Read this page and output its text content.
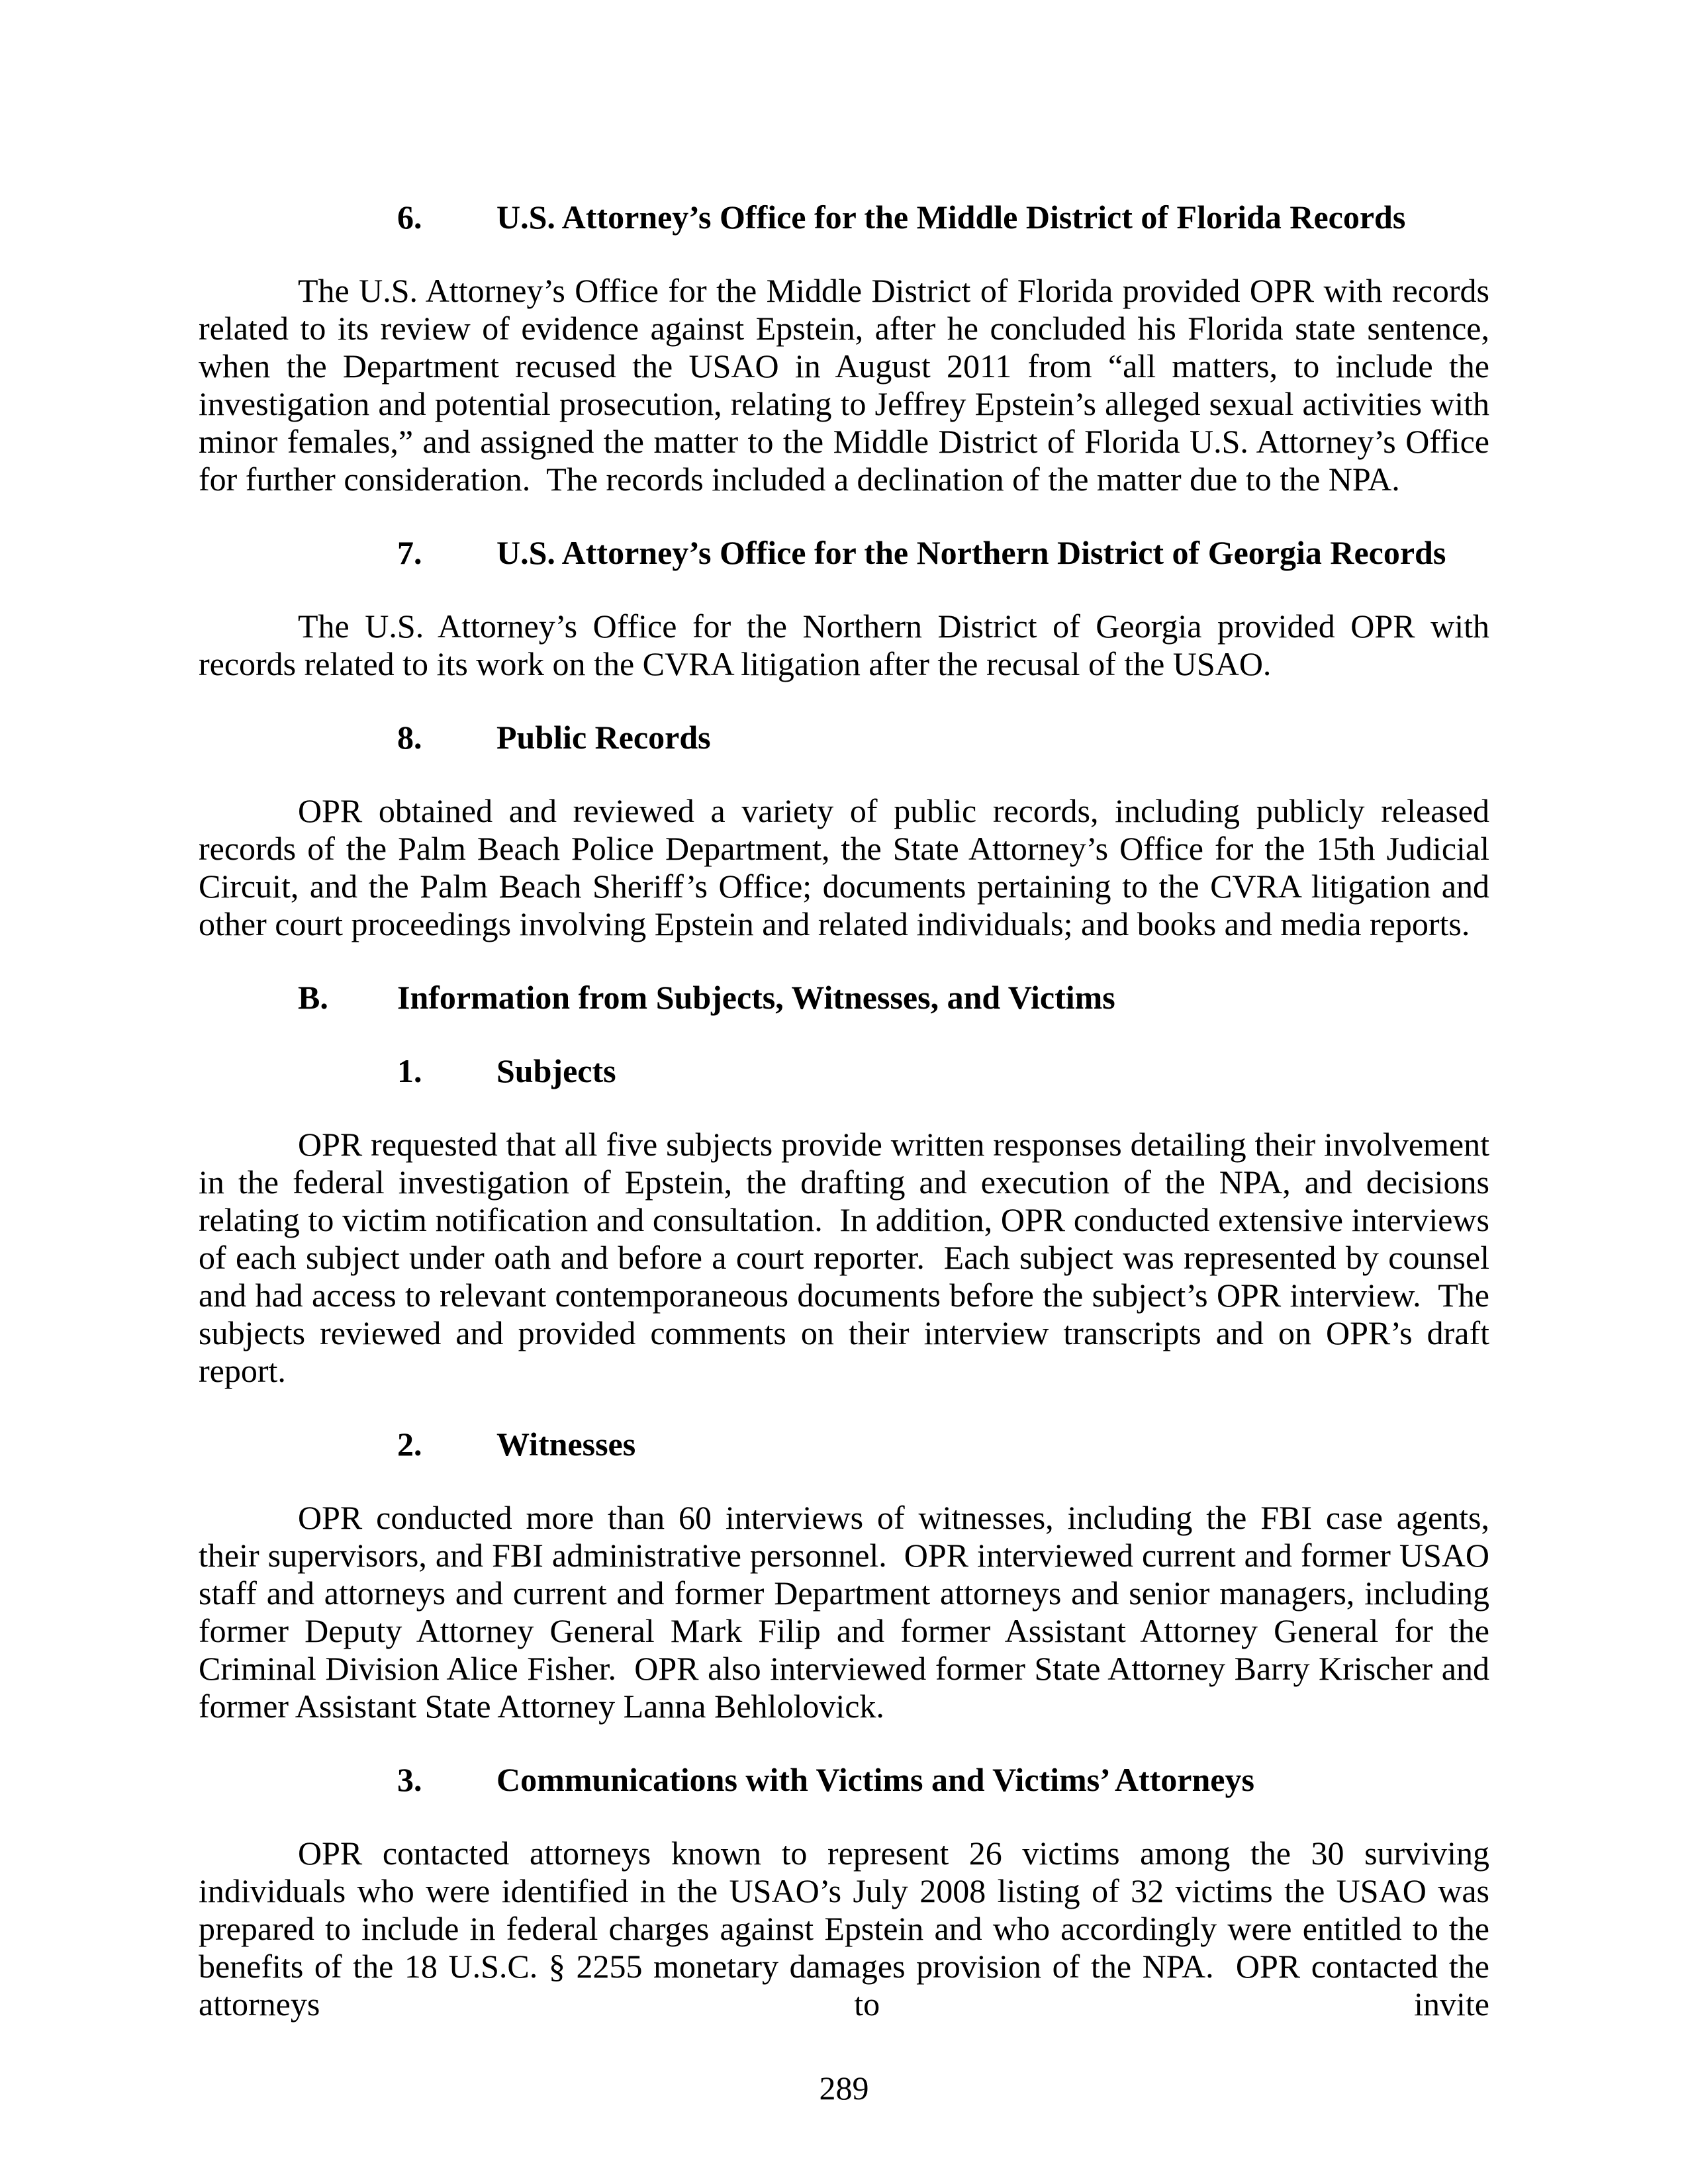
6.	U.S. Attorney’s Office for the Middle District of Florida Records

The U.S. Attorney’s Office for the Middle District of Florida provided OPR with records related to its review of evidence against Epstein, after he concluded his Florida state sentence, when the Department recused the USAO in August 2011 from “all matters, to include the investigation and potential prosecution, relating to Jeffrey Epstein’s alleged sexual activities with minor females,” and assigned the matter to the Middle District of Florida U.S. Attorney’s Office for further consideration.  The records included a declination of the matter due to the NPA.

7.	U.S. Attorney’s Office for the Northern District of Georgia Records

The U.S. Attorney’s Office for the Northern District of Georgia provided OPR with records related to its work on the CVRA litigation after the recusal of the USAO.

8.	Public Records

OPR obtained and reviewed a variety of public records, including publicly released records of the Palm Beach Police Department, the State Attorney’s Office for the 15th Judicial Circuit, and the Palm Beach Sheriff’s Office; documents pertaining to the CVRA litigation and other court proceedings involving Epstein and related individuals; and books and media reports.

B.	Information from Subjects, Witnesses, and Victims
1.	Subjects

OPR requested that all five subjects provide written responses detailing their involvement in the federal investigation of Epstein, the drafting and execution of the NPA, and decisions relating to victim notification and consultation.  In addition, OPR conducted extensive interviews of each subject under oath and before a court reporter.  Each subject was represented by counsel and had access to relevant contemporaneous documents before the subject’s OPR interview.  The subjects reviewed and provided comments on their interview transcripts and on OPR’s draft report.

2.	Witnesses

OPR conducted more than 60 interviews of witnesses, including the FBI case agents, their supervisors, and FBI administrative personnel.  OPR interviewed current and former USAO staff and attorneys and current and former Department attorneys and senior managers, including former Deputy Attorney General Mark Filip and former Assistant Attorney General for the Criminal Division Alice Fisher.  OPR also interviewed former State Attorney Barry Krischer and former Assistant State Attorney Lanna Behlolovick.

3.	Communications with Victims and Victims’ Attorneys

OPR contacted attorneys known to represent 26 victims among the 30 surviving individuals who were identified in the USAO’s July 2008 listing of 32 victims the USAO was prepared to include in federal charges against Epstein and who accordingly were entitled to the benefits of the 18 U.S.C. § 2255 monetary damages provision of the NPA.  OPR contacted the attorneys to invite

289
